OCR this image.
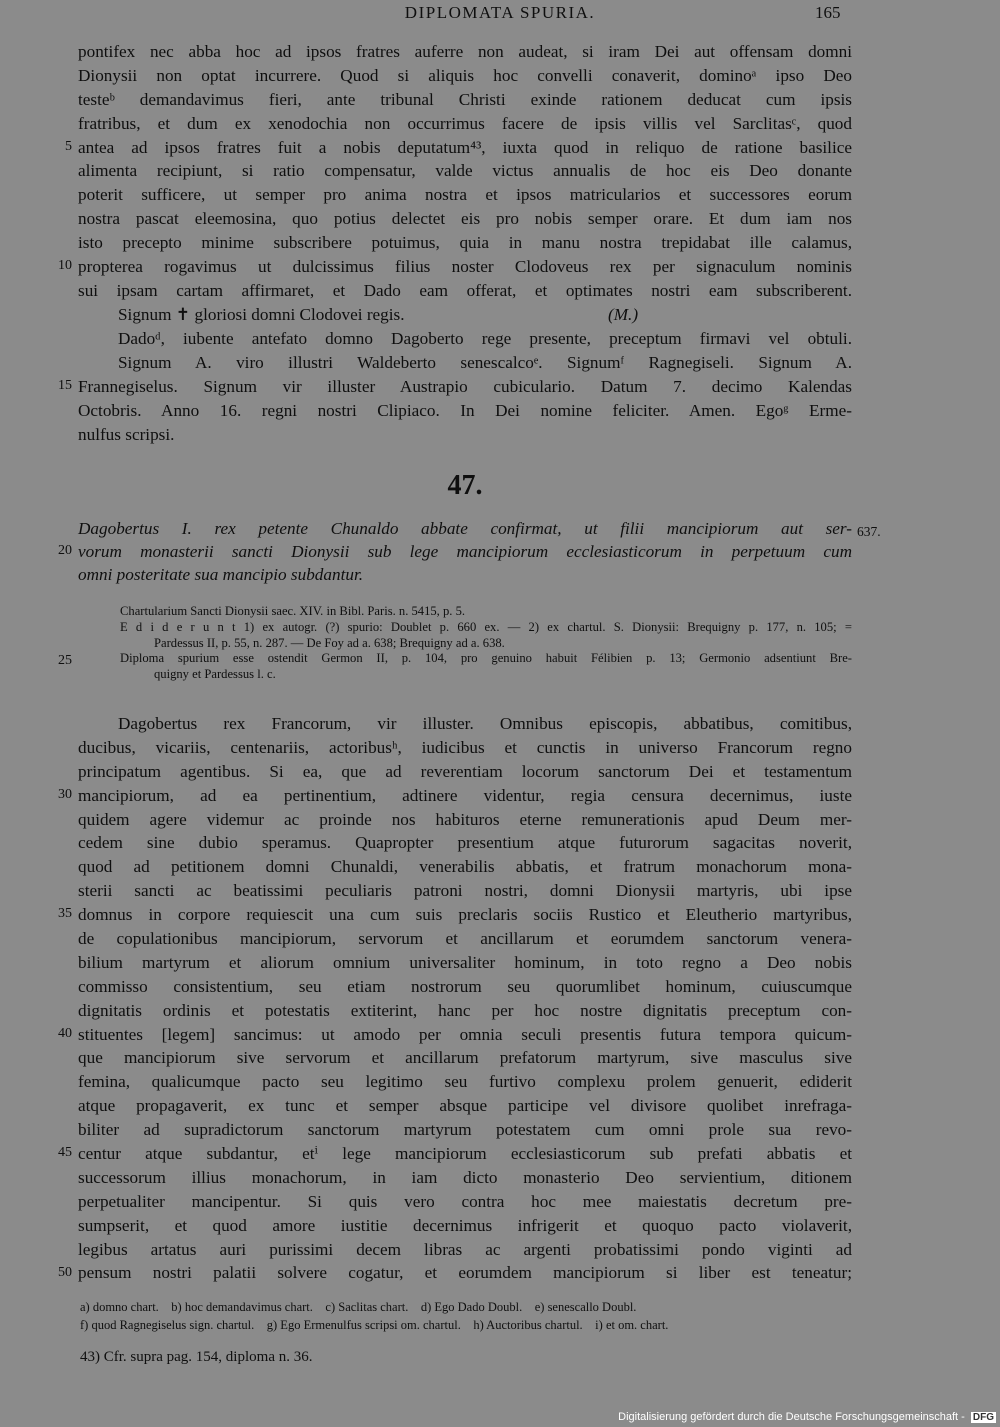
DIPLOMATA SPURIA.	165
pontifex nec abba hoc ad ipsos fratres auferre non audeat, si iram Dei aut offensam domni
Dionysii non optat incurrere. Quod si aliquis hoc convelli conaverit, dominoᵃ ipso Deo
testeᵇ demandavimus fieri, ante tribunal Christi exinde rationem deducat cum ipsis
fratribus, et dum ex xenodochia non occurrimus facere de ipsis villis vel Sarclitasᶜ, quod
antea ad ipsos fratres fuit a nobis deputatum⁴³, iuxta quod in reliquo de ratione basilice
alimenta recipiunt, si ratio compensatur, valde victus annualis de hoc eis Deo donante
poterit sufficere, ut semper pro anima nostra et ipsos matricularios et successores eorum
nostra pascat eleemosina, quo potius delectet eis pro nobis semper orare. Et dum iam nos
isto precepto minime subscribere potuimus, quia in manu nostra trepidabat ille calamus,
propterea rogavimus ut dulcissimus filius noster Clodoveus rex per signaculum nominis
sui ipsam cartam affirmaret, et Dado eam offerat, et optimates nostri eam subscriberent.
Signum ✝ gloriosi domni Clodovei regis.	(M.)
Dadoᵈ, iubente antefato domno Dagoberto rege presente, preceptum firmavi vel obtuli.
Signum A. viro illustri Waldeberto senescalcoᵉ. Signumᶠ Ragnegiseli. Signum A.
Frannegiselus. Signum vir illuster Austrapio cubiculario. Datum 7. decimo Kalendas
Octobris. Anno 16. regni nostri Clipiaco. In Dei nomine feliciter. Amen. Egoᵍ Erme-
nulfus scripsi.
47.
Dagobertus I. rex petente Chunaldo abbate confirmat, ut filii mancipiorum aut ser-
vorum monasterii sancti Dionysii sub lege mancipiorum ecclesiasticorum in perpetuum cum
omni posteritate sua mancipio subdantur.
637.
Chartularium Sancti Dionysii saec. XIV. in Bibl. Paris. n. 5415, p. 5.
E d i d e r u n t 1) ex autogr. (?) spurio: Doublet p. 660 ex. — 2) ex chartul. S. Dionysii: Brequigny p. 177, n. 105; =
Pardessus II, p. 55, n. 287. — De Foy ad a. 638; Brequigny ad a. 638.
Diploma spurium esse ostendit Germon II, p. 104, pro genuino habuit Félibien p. 13; Germonio adsentiunt Bre-
quigny et Pardessus l. c.
Dagobertus rex Francorum, vir illuster. Omnibus episcopis, abbatibus, comitibus,
ducibus, vicariis, centenariis, actoribusʰ, iudicibus et cunctis in universo Francorum regno
principatum agentibus. Si ea, que ad reverentiam locorum sanctorum Dei et testamentum
mancipiorum, ad ea pertinentium, adtinere videntur, regia censura decernimus, iuste
quidem agere videmur ac proinde nos habituros eterne remunerationis apud Deum mer-
cedem sine dubio speramus. Quapropter presentium atque futurorum sagacitas noverit,
quod ad petitionem domni Chunaldi, venerabilis abbatis, et fratrum monachorum mona-
sterii sancti ac beatissimi peculiaris patroni nostri, domni Dionysii martyris, ubi ipse
domnus in corpore requiescit una cum suis preclaris sociis Rustico et Eleutherio martyribus,
de copulationibus mancipiorum, servorum et ancillarum et eorumdem sanctorum venera-
bilium martyrum et aliorum omnium universaliter hominum, in toto regno a Deo nobis
commisso consistentium, seu etiam nostrorum seu quorumlibet hominum, cuiuscumque
dignitatis ordinis et potestatis extiterint, hanc per hoc nostre dignitatis preceptum con-
stituentes [legem] sancimus: ut amodo per omnia seculi presentis futura tempora quicum-
que mancipiorum sive servorum et ancillarum prefatorum martyrum, sive masculus sive
femina, qualicumque pacto seu legitimo seu furtivo complexu prolem genuerit, ediderit
atque propagaverit, ex tunc et semper absque participe vel divisore quolibet inrefraga-
biliter ad supradictorum sanctorum martyrum potestatem cum omni prole sua revo-
centur atque subdantur, etⁱ lege mancipiorum ecclesiasticorum sub prefati abbatis et
successorum illius monachorum, in iam dicto monasterio Deo servientium, ditionem
perpetualiter mancipentur. Si quis vero contra hoc mee maiestatis decretum pre-
sumpserit, et quod amore iustitie decernimus infrigerit et quoquo pacto violaverit,
legibus artatus auri purissimi decem libras ac argenti probatissimi pondo viginti ad
pensum nostri palatii solvere cogatur, et eorumdem mancipiorum si liber est teneatur;
a) domno chart.    b) hoc demandavimus chart.    c) Saclitas chart.    d) Ego Dado Doubl.    e) senescallo Doubl.
f) quod Ragnegiselus sign. chartul.    g) Ego Ermenulfus scripsi om. chartul.    h) Auctoribus chartul.    i) et om. chart.
43) Cfr. supra pag. 154, diploma n. 36.
Digitalisierung gefördert durch die Deutsche Forschungsgemeinschaft - DFG
5
10
15
20
25
30
35
40
45
50
